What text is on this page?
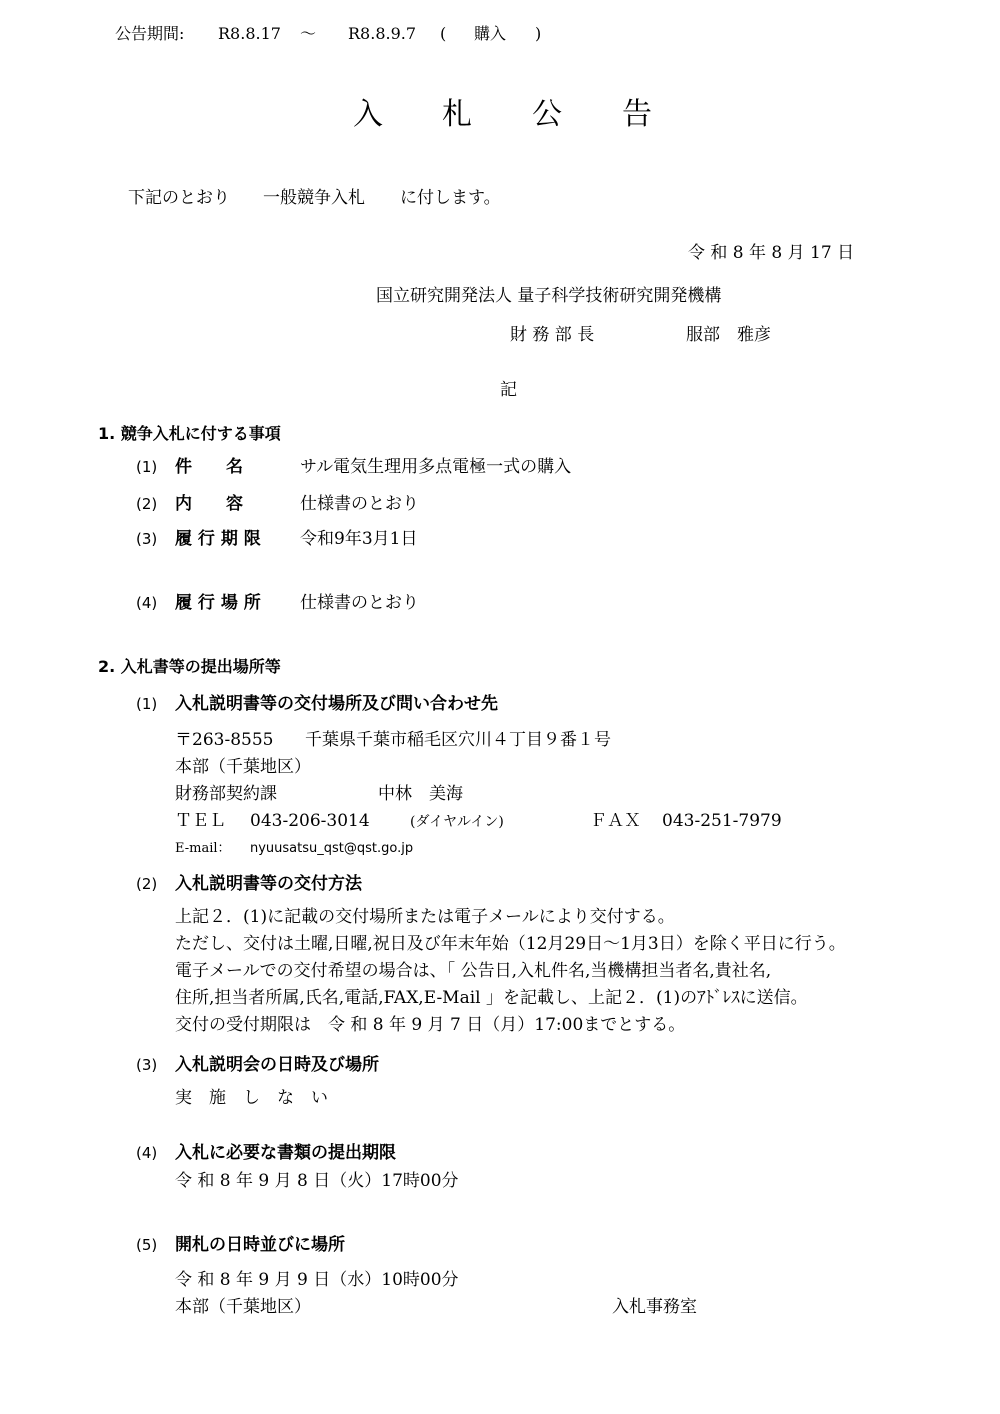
公告期間: R8.8.17 ～ R8.8.9.7 ( 購入 )
入 札 公 告
下記のとおり 一般競争入札 に付します。
令 和 8 年 8 月 17 日
国立研究開発法人 量子科学技術研究開発機構
財 務 部 長	服部　雅彦
記
1. 競争入札に付する事項
(1) 件　　名	サル電気生理用多点電極一式の購入
(2) 内　　容	仕様書のとおり
(3) 履 行 期 限 令和9年3月1日
(4) 履 行 場 所 仕様書のとおり
2. 入札書等の提出場所等
(1) 入札説明書等の交付場所及び問い合わせ先
〒263-8555 千葉県千葉市稲毛区穴川４丁目９番１号
本部（千葉地区）
財務部契約課	中林　美海
ＴＥＬ 043-206-3014	(ダイヤルイン)	ＦＡＸ 043-251-7979
E-mail： nyuusatsu_qst@qst.go.jp
(2) 入札説明書等の交付方法
上記２．(1)に記載の交付場所または電子メールにより交付する。
ただし、交付は土曜,日曜,祝日及び年末年始（12月29日～1月3日）を除く平日に行う。
電子メールでの交付希望の場合は、「 公告日,入札件名,当機構担当者名,貴社名,
住所,担当者所属,氏名,電話,FAX,E-Mail 」を記載し、上記２．(1)のｱﾄﾞﾚｽに送信。
交付の受付期限は　令 和 8 年 9 月 7 日（月）17:00までとする。
(3) 入札説明会の日時及び場所
実　施　し　な　い
(4) 入札に必要な書類の提出期限
令 和 8 年 9 月 8 日（火）17時00分
(5) 開札の日時並びに場所
令 和 8 年 9 月 9 日（水）10時00分
本部（千葉地区）	入札事務室
